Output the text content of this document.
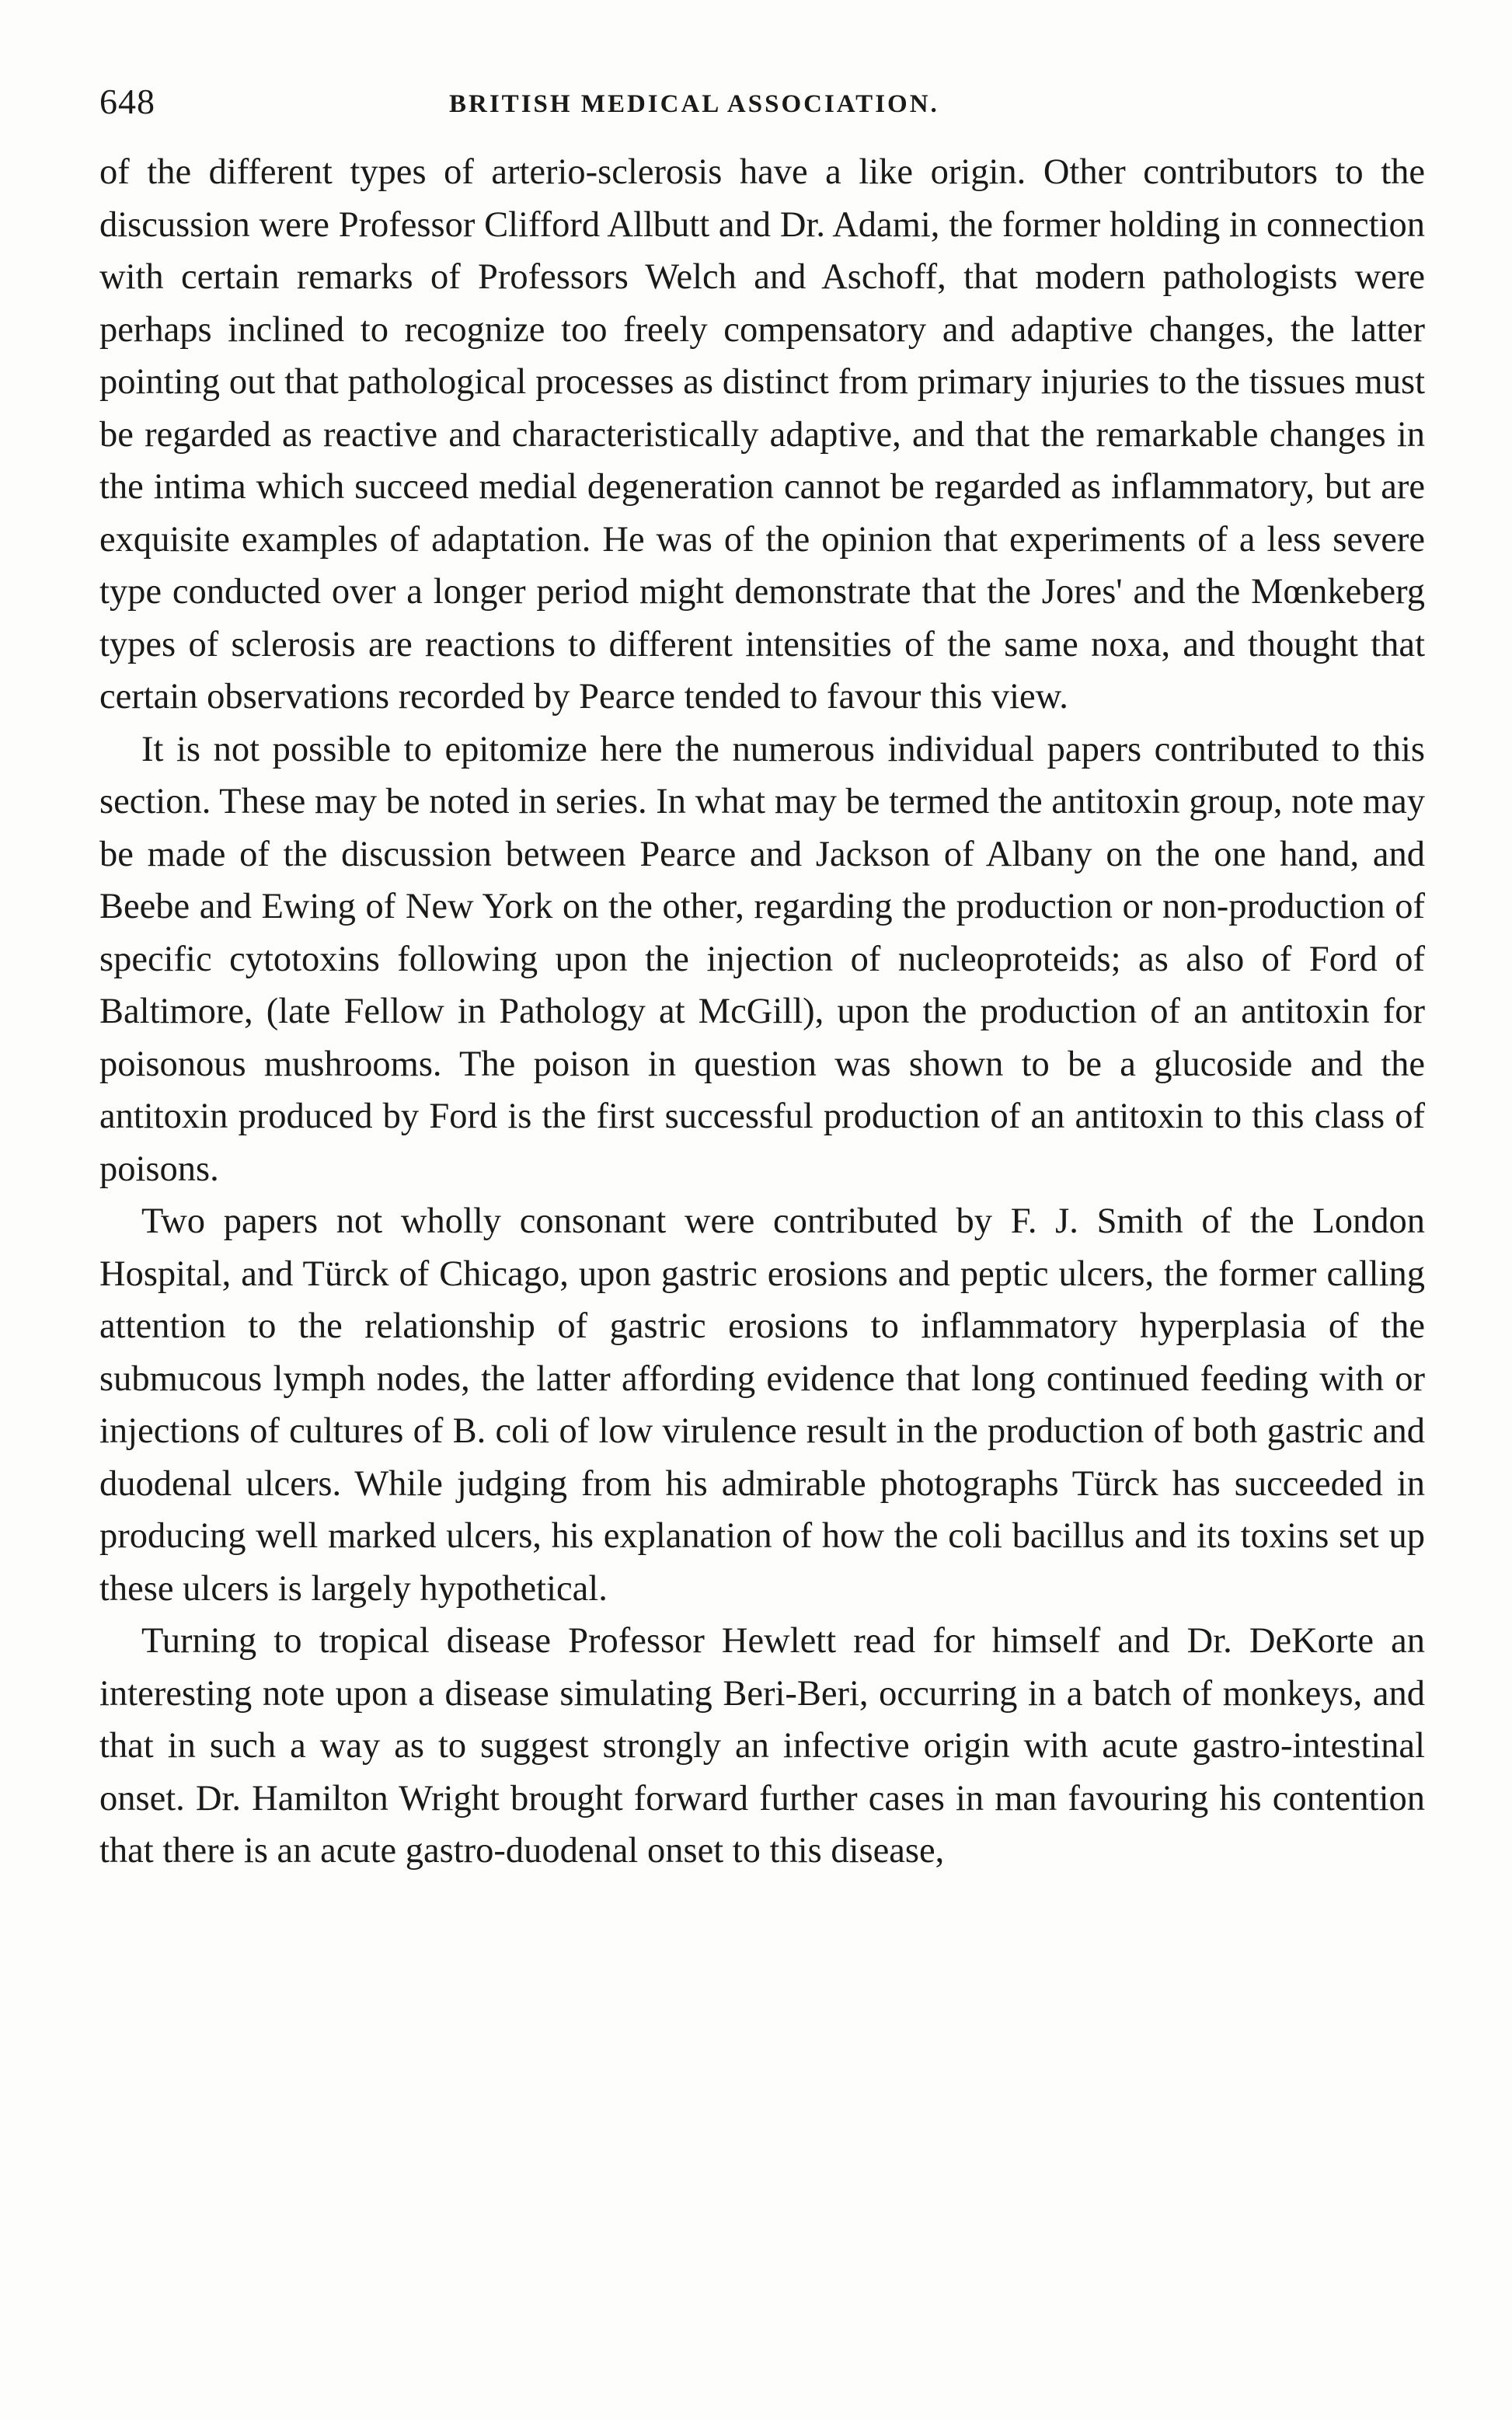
648	BRITISH MEDICAL ASSOCIATION.

of the different types of arterio-sclerosis have a like origin. Other contributors to the discussion were Professor Clifford Allbutt and Dr. Adami, the former holding in connection with certain remarks of Professors Welch and Aschoff, that modern pathologists were perhaps inclined to recognize too freely compensatory and adaptive changes, the latter pointing out that pathological processes as distinct from primary injuries to the tissues must be regarded as reactive and characteristically adaptive, and that the remarkable changes in the intima which succeed medial degeneration cannot be regarded as inflammatory, but are exquisite examples of adaptation. He was of the opinion that experiments of a less severe type conducted over a longer period might demonstrate that the Jores' and the Mœnkeberg types of sclerosis are reactions to different intensities of the same noxa, and thought that certain observations recorded by Pearce tended to favour this view.

It is not possible to epitomize here the numerous individual papers contributed to this section. These may be noted in series. In what may be termed the antitoxin group, note may be made of the discussion between Pearce and Jackson of Albany on the one hand, and Beebe and Ewing of New York on the other, regarding the production or non-production of specific cytotoxins following upon the injection of nucleoproteids; as also of Ford of Baltimore, (late Fellow in Pathology at McGill), upon the production of an antitoxin for poisonous mushrooms. The poison in question was shown to be a glucoside and the antitoxin produced by Ford is the first successful production of an antitoxin to this class of poisons.

Two papers not wholly consonant were contributed by F. J. Smith of the London Hospital, and Türck of Chicago, upon gastric erosions and peptic ulcers, the former calling attention to the relationship of gastric erosions to inflammatory hyperplasia of the submucous lymph nodes, the latter affording evidence that long continued feeding with or injections of cultures of B. coli of low virulence result in the production of both gastric and duodenal ulcers. While judging from his admirable photographs Türck has succeeded in producing well marked ulcers, his explanation of how the coli bacillus and its toxins set up these ulcers is largely hypothetical.

Turning to tropical disease Professor Hewlett read for himself and Dr. DeKorte an interesting note upon a disease simulating Beri-Beri, occurring in a batch of monkeys, and that in such a way as to suggest strongly an infective origin with acute gastro-intestinal onset. Dr. Hamilton Wright brought forward further cases in man favouring his contention that there is an acute gastro-duodenal onset to this disease,
